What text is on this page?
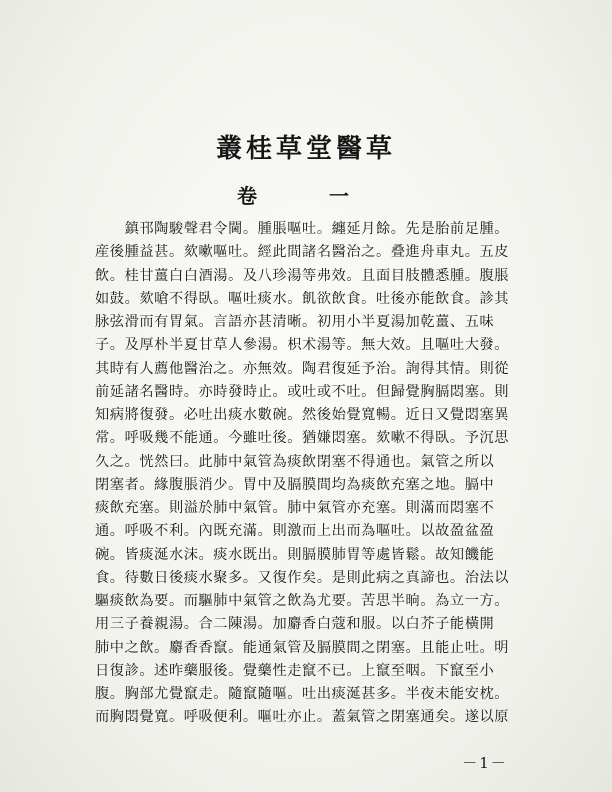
叢桂草堂醫草
卷　一
　　鎮邗陶駿聲君令閫。腫脹嘔吐。纏延月餘。先是胎前足腫。
産後腫益甚。欬嗽嘔吐。經此間諸名醫治之。叠進舟車丸。五皮
飲。桂甘薑白白酒湯。及八珍湯等弗效。且面目肢體悉腫。腹脹
如鼓。欬嗆不得臥。嘔吐痰水。飢欲飲食。吐後亦能飲食。診其
脉弦滑而有胃氣。言語亦甚清晰。初用小半夏湯加乾薑、五味
子。及厚朴半夏甘草人參湯。枳术湯等。無大效。且嘔吐大發。
其時有人薦他醫治之。亦無效。陶君復延予治。詢得其情。則從
前延諸名醫時。亦時發時止。或吐或不吐。但歸覺胸膈悶塞。則
知病將復發。必吐出痰水數碗。然後始覺寬暢。近日又覺悶塞異
常。呼吸幾不能通。今雖吐後。猶嫌悶塞。欬嗽不得臥。予沉思
久之。恍然曰。此肺中氣管為痰飲閉塞不得通也。氣管之所以
閉塞者。緣腹脹消少。胃中及膈膜間均為痰飲充塞之地。膈中
痰飲充塞。則溢於肺中氣管。肺中氣管亦充塞。則滿而悶塞不
通。呼吸不利。內既充滿。則激而上出而為嘔吐。以故盈盆盈
碗。皆痰涎水沫。痰水既出。則膈膜肺胃等處皆鬆。故知饑能
食。待數日後痰水聚多。又復作矣。是則此病之真諦也。治法以
驅痰飲為要。而驅肺中氣管之飲為尤要。苦思半晌。為立一方。
用三子養親湯。合二陳湯。加麝香白蔻和服。以白芥子能橫開
肺中之飲。麝香香竄。能通氣管及膈膜間之閉塞。且能止吐。明
日復診。述昨藥服後。覺藥性走竄不已。上竄至咽。下竄至小
腹。胸部尤覺竄走。隨竄隨嘔。吐出痰涎甚多。半夜未能安枕。
而胸悶覺寬。呼吸便利。嘔吐亦止。蓋氣管之閉塞通矣。遂以原
－1－
